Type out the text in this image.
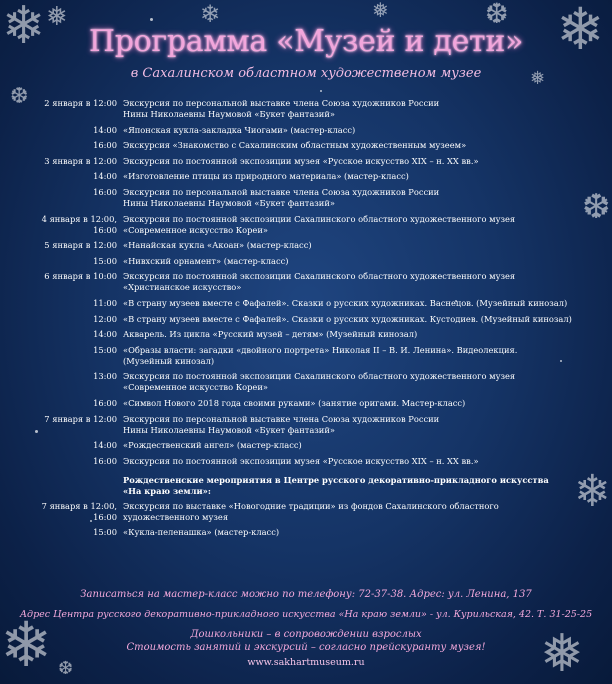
❄ ❅
❆
❄	❅	❆ ❄
❅
❆
❄
❅
❄ ❆
Программа «Музей и дети»
в Сахалинском областном художественом музее
2 января в 12:00 Экскурсия по персональной выставке члена Союза художников России
Нины Николаевны Наумовой «Букет фантазий»
14:00 «Японская кукла-закладка Чиогами» (мастер-класс)
16:00 Экскурсия «Знакомство с Сахалинским областным художественным музеем»
3 января в 12:00 Экскурсия по постоянной экспозиции музея «Русское искусство XIX – н. XX вв.»
14:00 «Изготовление птицы из природного материала» (мастер-класс)
16:00 Экскурсия по персональной выставке члена Союза художников России
Нины Николаевны Наумовой «Букет фантазий»
4 января в 12:00,
16:00
Экскурсия по постоянной экспозиции Сахалинского областного художественного музея
«Современное искусство Кореи»
5 января в 12:00 «Нанайская кукла «Акоан» (мастер-класс)
15:00 «Нивхский орнамент» (мастер-класс)
6 января в 10:00 Экскурсия по постоянной экспозиции Сахалинского областного художественного музея
«Христианское искусство»
11:00 «В страну музеев вместе с Фафалей». Сказки о русских художниках. Васнецов. (Музейный кинозал)
12:00 «В страну музеев вместе с Фафалей». Сказки о русских художниках. Кустодиев. (Музейный кинозал)
14:00 Акварель. Из цикла «Русский музей – детям» (Музейный кинозал)
15:00 «Образы власти: загадки «двойного портрета» Николая II – В. И. Ленина». Видеолекция.
(Музейный кинозал)
13:00 Экскурсия по постоянной экспозиции Сахалинского областного художественного музея
«Современное искусство Кореи»
16:00 «Символ Нового 2018 года своими руками» (занятие оригами. Мастер-класс)
7 января в 12:00 Экскурсия по персональной выставке члена Союза художников России
Нины Николаевны Наумовой «Букет фантазий»
14:00 «Рождественский ангел» (мастер-класс)
16:00 Экскурсия по постоянной экспозиции музея «Русское искусство XIX – н. XX вв.»
Рождественские мероприятия в Центре русского декоративно-прикладного искусства
«На краю земли»:
7 января в 12:00,
16:00
Экскурсия по выставке «Новогодние традиции» из фондов Сахалинского областного
художественного музея
15:00 «Кукла-пеленашка» (мастер-класс)
Записаться на мастер-класс можно по телефону: 72-37-38. Адрес: ул. Ленина, 137
Адрес Центра русского декоративно-прикладного искусства «На краю земли» - ул. Курильская, 42. Т. 31-25-25
Дошкольники – в сопровождении взрослых
Стоимость занятий и экскурсий – согласно прейскуранту музея!
www.sakhartmuseum.ru
